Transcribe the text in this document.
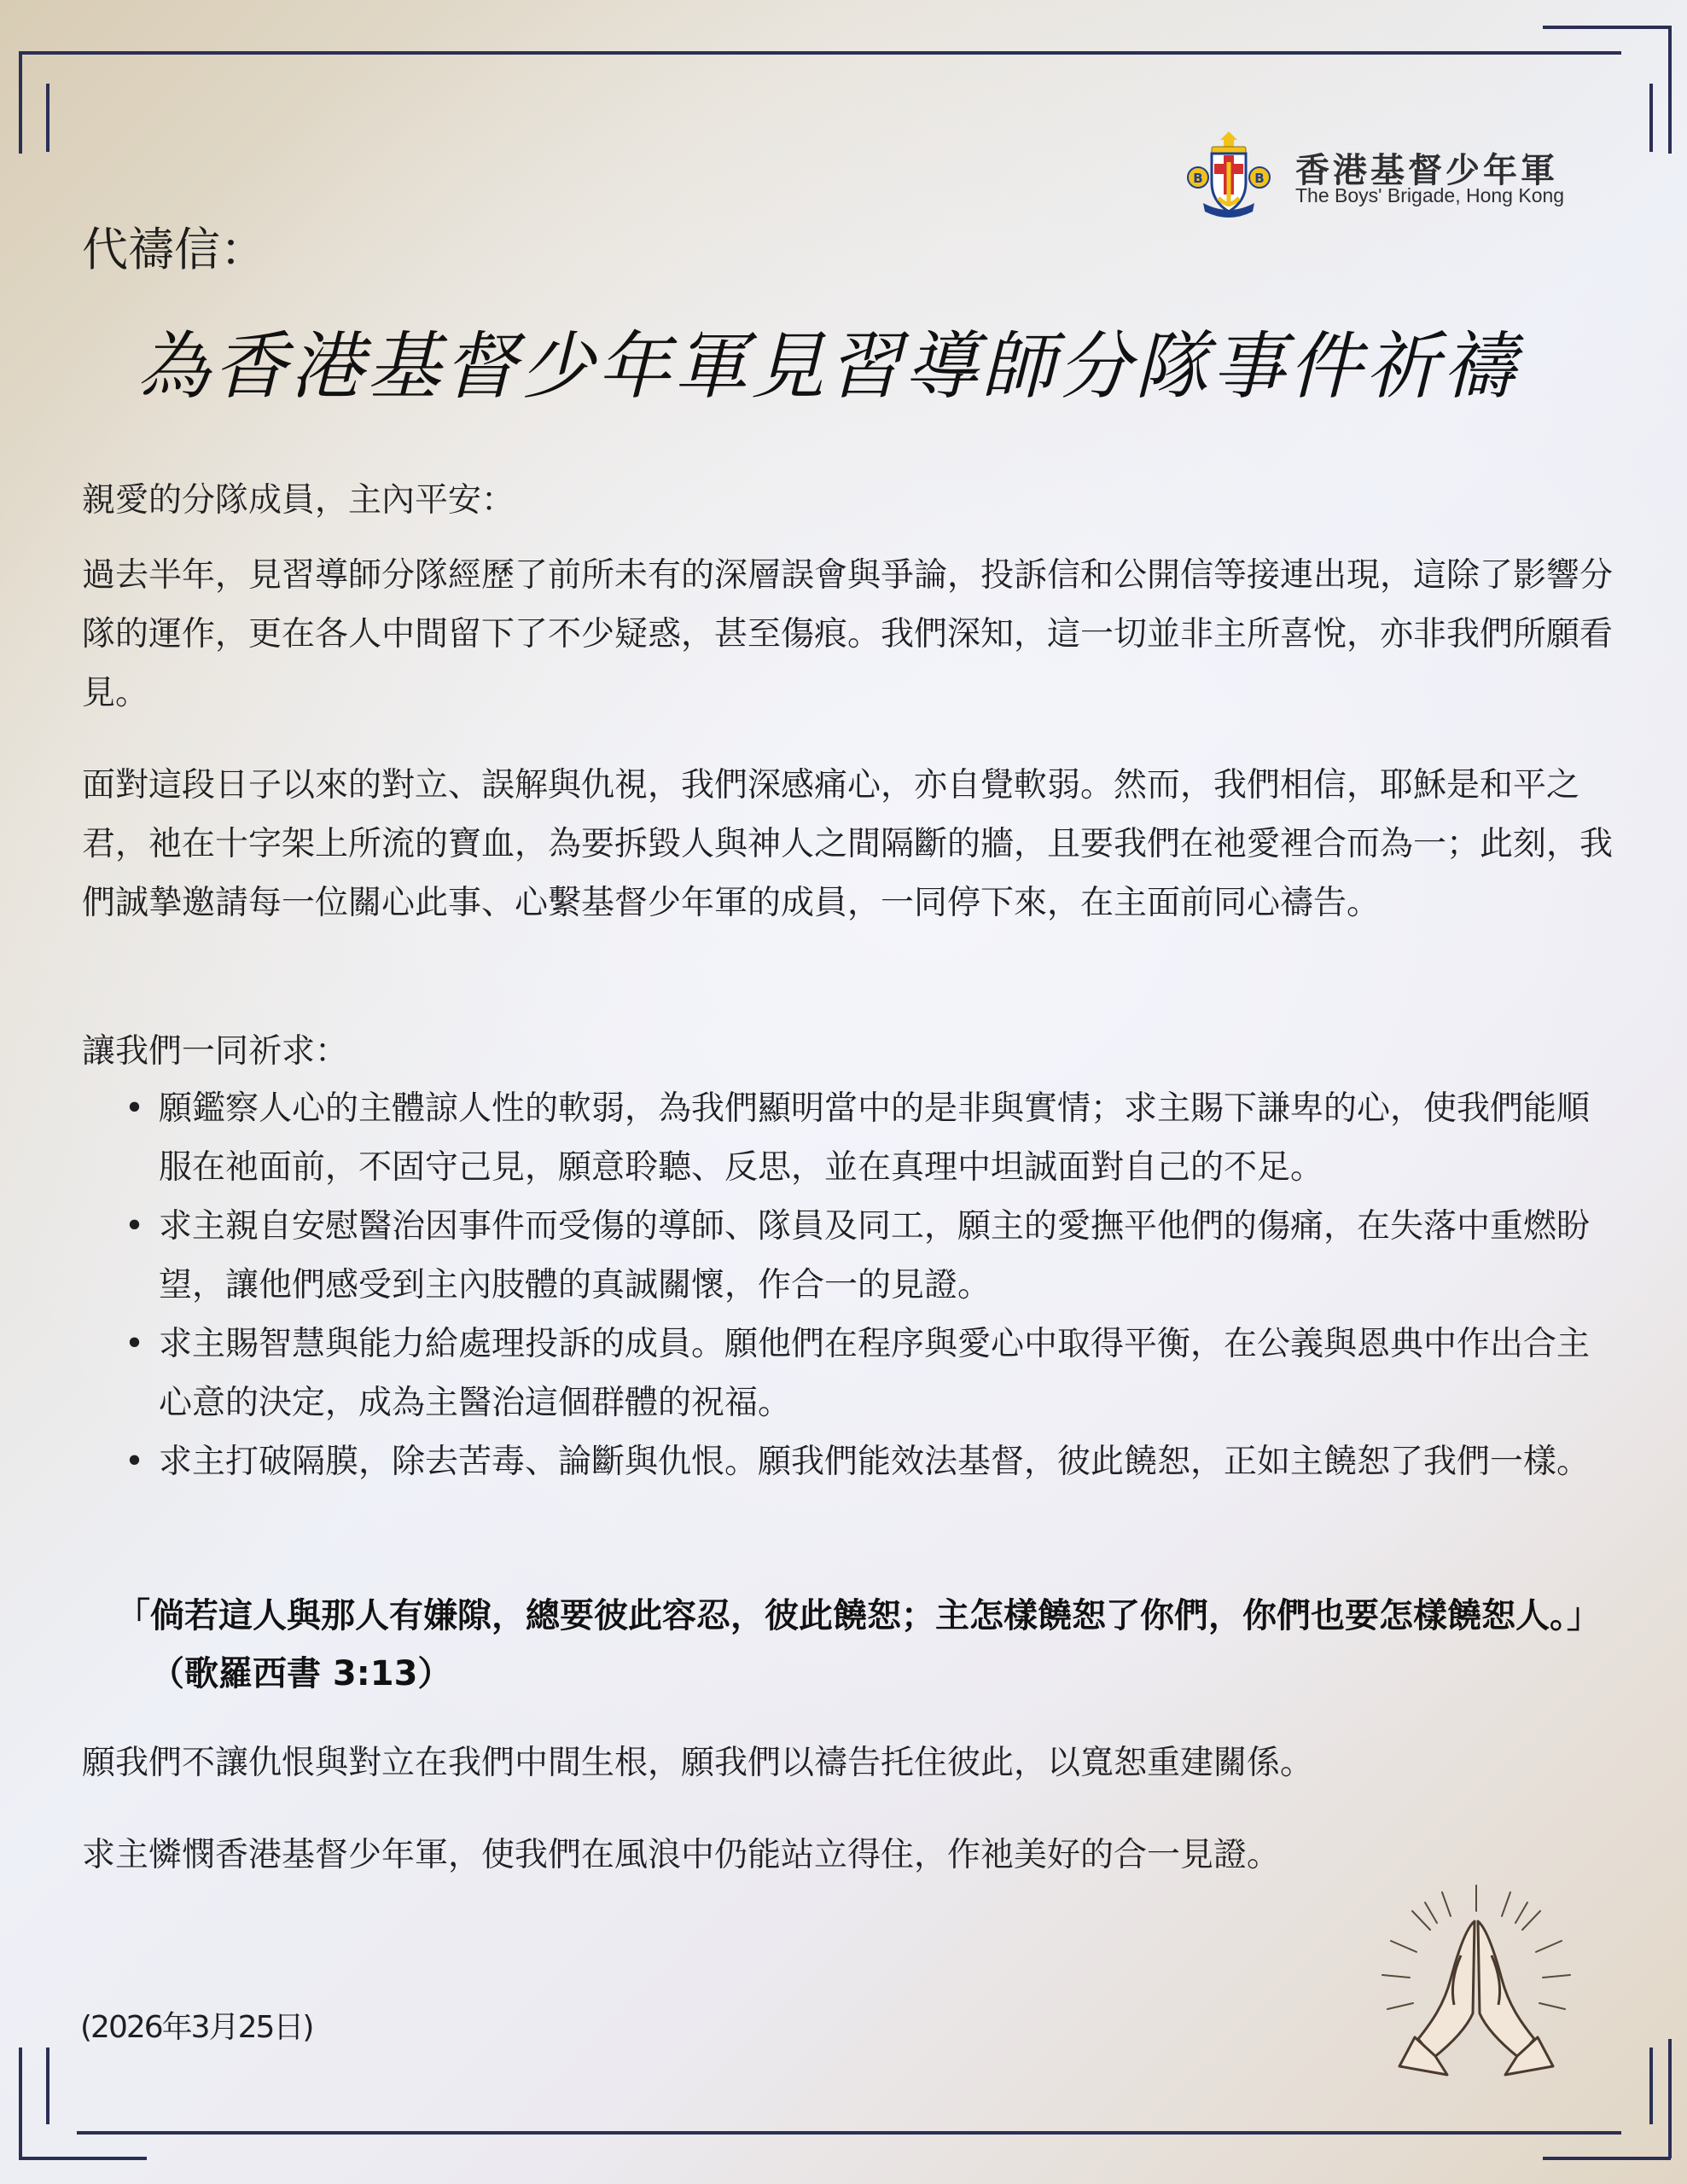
B	B 香港基督少年軍
The Boys' Brigade, Hong Kong
代禱信：
為香港基督少年軍見習導師分隊事件祈禱
親愛的分隊成員，主內平安：
過去半年，見習導師分隊經歷了前所未有的深層誤會與爭論，投訴信和公開信等接連出現，這除了影響分隊的運作，更在各人中間留下了不少疑惑，甚至傷痕。我們深知，這一切並非主所喜悅，亦非我們所願看見。
面對這段日子以來的對立、誤解與仇視，我們深感痛心，亦自覺軟弱。然而，我們相信，耶穌是和平之君，祂在十字架上所流的寶血，為要拆毀人與神人之間隔斷的牆，且要我們在祂愛裡合而為一；此刻，我們誠摯邀請每一位關心此事、心繫基督少年軍的成員，一同停下來，在主面前同心禱告。
讓我們一同祈求：
• 願鑑察人心的主體諒人性的軟弱，為我們顯明當中的是非與實情；求主賜下謙卑的心，使我們能順服在祂面前，不固守己見，願意聆聽、反思，並在真理中坦誠面對自己的不足。
• 求主親自安慰醫治因事件而受傷的導師、隊員及同工，願主的愛撫平他們的傷痛，在失落中重燃盼望，讓他們感受到主內肢體的真誠關懷，作合一的見證。
• 求主賜智慧與能力給處理投訴的成員。願他們在程序與愛心中取得平衡，在公義與恩典中作出合主心意的決定，成為主醫治這個群體的祝福。
• 求主打破隔膜，除去苦毒、論斷與仇恨。願我們能效法基督，彼此饒恕，正如主饒恕了我們一樣。
「倘若這人與那人有嫌隙，總要彼此容忍，彼此饒恕；主怎樣饒恕了你們，你們也要怎樣饒恕人。」（歌羅西書 3:13）
願我們不讓仇恨與對立在我們中間生根，願我們以禱告托住彼此，以寬恕重建關係。
求主憐憫香港基督少年軍，使我們在風浪中仍能站立得住，作祂美好的合一見證。
(2026年3月25日)
